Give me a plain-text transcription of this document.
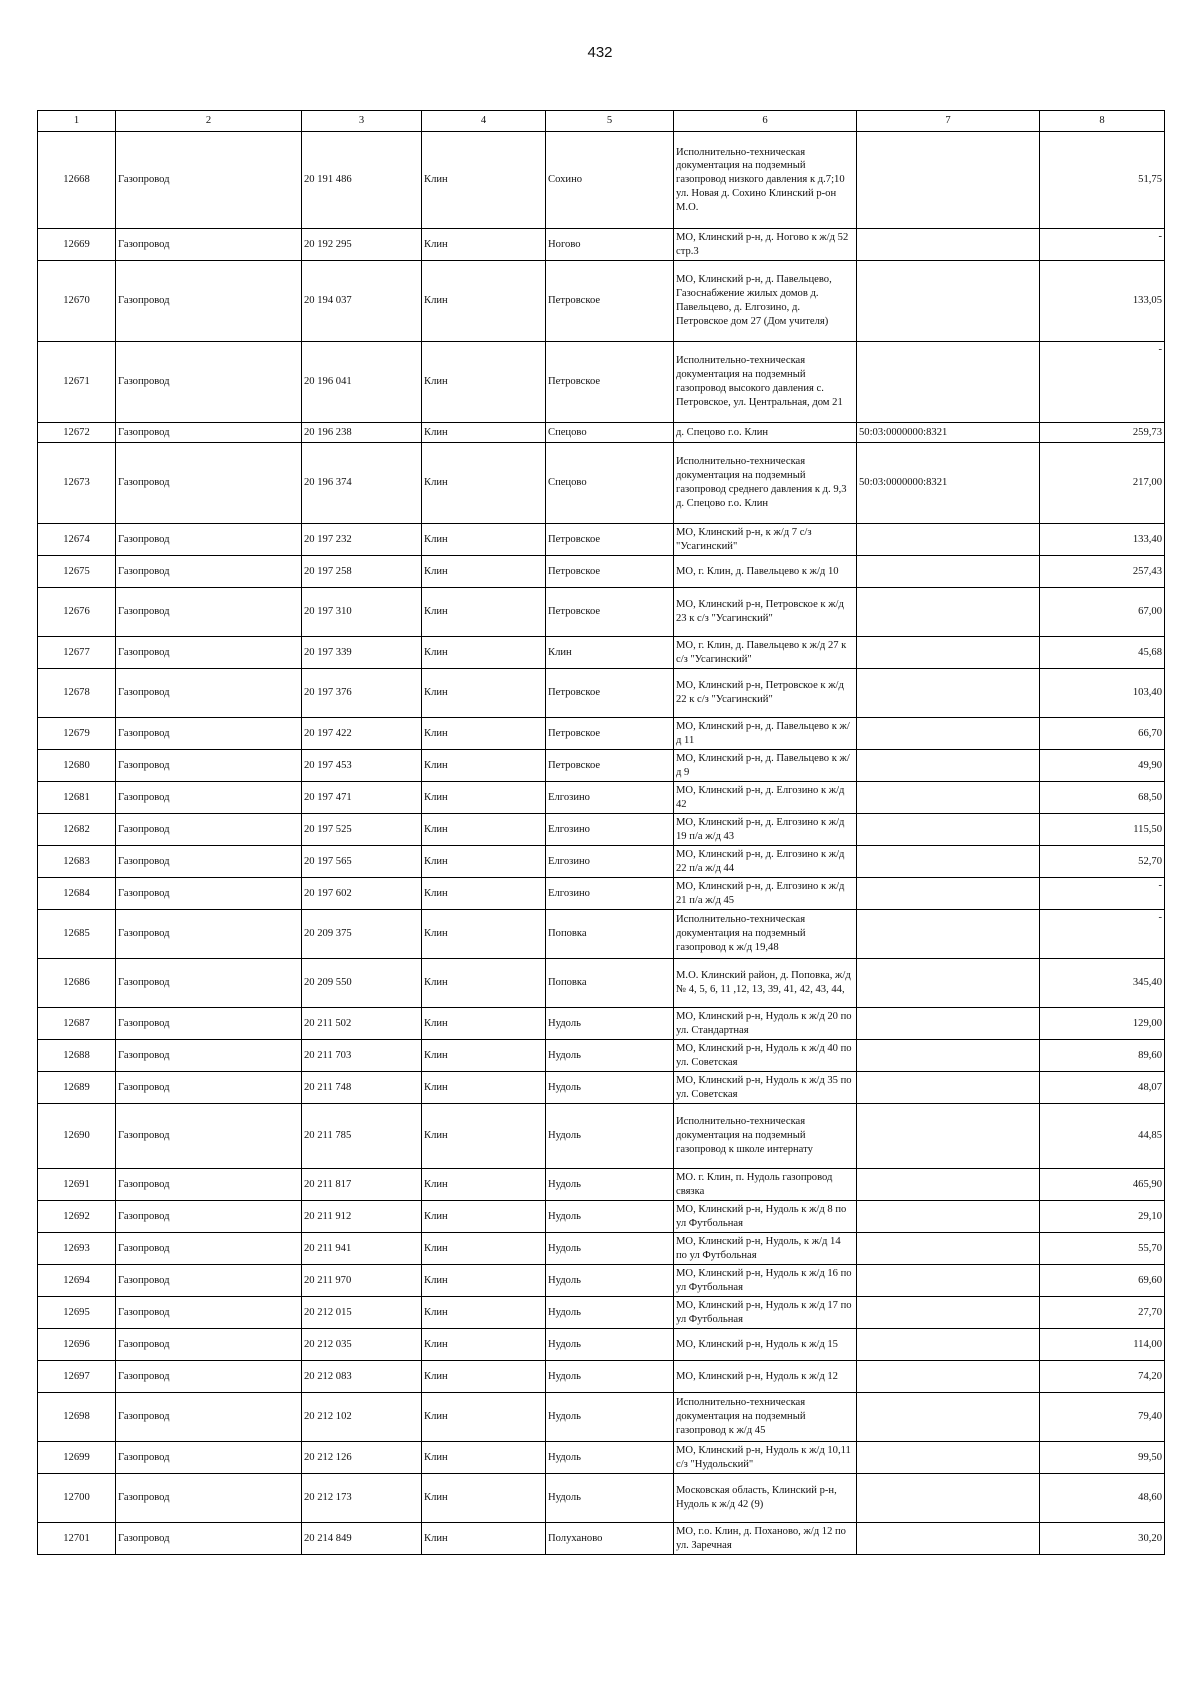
432
1	2	3	4	5	6	7	8
12668	Газопровод	20 191 486	Клин	Сохино	Исполнительно-техническая документация на подземный газопровод низкого давления к д.7;10 ул. Новая д. Сохино Клинский р-он М.О.		51,75
12669	Газопровод	20 192 295	Клин	Ногово	МО, Клинский р-н, д. Ногово к ж/д 52 стр.3		-
12670	Газопровод	20 194 037	Клин	Петровское	МО, Клинский р-н, д. Павельцево, Газоснабжение жилых домов д. Павельцево, д. Елгозино, д. Петровское дом 27 (Дом учителя)		133,05
12671	Газопровод	20 196 041	Клин	Петровское	Исполнительно-техническая документация на подземный газопровод высокого давления с. Петровское, ул. Центральная, дом 21		-
12672	Газопровод	20 196 238	Клин	Спецово	д. Спецово г.о. Клин	50:03:0000000:8321	259,73
12673	Газопровод	20 196 374	Клин	Спецово	Исполнительно-техническая документация на подземный газопровод среднего давления к д. 9,3 д. Спецово г.о. Клин	50:03:0000000:8321	217,00
12674	Газопровод	20 197 232	Клин	Петровское	МО, Клинский р-н, к ж/д 7 с/з "Усагинский"		133,40
12675	Газопровод	20 197 258	Клин	Петровское	МО, г. Клин, д. Павельцево к ж/д 10		257,43
12676	Газопровод	20 197 310	Клин	Петровское	МО, Клинский р-н, Петровское к ж/д 23 к с/з "Усагинский"		67,00
12677	Газопровод	20 197 339	Клин	Клин	МО, г. Клин, д. Павельцево к ж/д 27 к с/з "Усагинский"		45,68
12678	Газопровод	20 197 376	Клин	Петровское	МО, Клинский р-н, Петровское к ж/д 22 к с/з "Усагинский"		103,40
12679	Газопровод	20 197 422	Клин	Петровское	МО, Клинский р-н, д. Павельцево к ж/д 11		66,70
12680	Газопровод	20 197 453	Клин	Петровское	МО, Клинский р-н, д. Павельцево к ж/д 9		49,90
12681	Газопровод	20 197 471	Клин	Елгозино	МО, Клинский р-н, д. Елгозино к ж/д 42		68,50
12682	Газопровод	20 197 525	Клин	Елгозино	МО, Клинский р-н, д. Елгозино к ж/д 19 п/а ж/д 43		115,50
12683	Газопровод	20 197 565	Клин	Елгозино	МО, Клинский р-н, д. Елгозино к ж/д 22 п/а ж/д 44		52,70
12684	Газопровод	20 197 602	Клин	Елгозино	МО, Клинский р-н, д. Елгозино к ж/д 21 п/а ж/д 45		-
12685	Газопровод	20 209 375	Клин	Поповка	Исполнительно-техническая документация на подземный газопровод к ж/д 19,48		-
12686	Газопровод	20 209 550	Клин	Поповка	М.О. Клинский район, д. Поповка, ж/д № 4, 5, 6, 11 ,12, 13, 39, 41, 42, 43, 44,		345,40
12687	Газопровод	20 211 502	Клин	Нудоль	МО, Клинский р-н, Нудоль к ж/д 20 по ул. Стандартная		129,00
12688	Газопровод	20 211 703	Клин	Нудоль	МО, Клинский р-н, Нудоль к ж/д 40 по ул. Советская		89,60
12689	Газопровод	20 211 748	Клин	Нудоль	МО, Клинский р-н, Нудоль к ж/д 35 по ул. Советская		48,07
12690	Газопровод	20 211 785	Клин	Нудоль	Исполнительно-техническая документация на подземный газопровод к школе интернату		44,85
12691	Газопровод	20 211 817	Клин	Нудоль	МО. г. Клин, п. Нудоль газопровод связка		465,90
12692	Газопровод	20 211 912	Клин	Нудоль	МО, Клинский р-н, Нудоль к ж/д 8 по ул Футбольная		29,10
12693	Газопровод	20 211 941	Клин	Нудоль	МО, Клинский р-н, Нудоль, к ж/д 14 по ул Футбольная		55,70
12694	Газопровод	20 211 970	Клин	Нудоль	МО, Клинский р-н, Нудоль к ж/д 16 по ул Футбольная		69,60
12695	Газопровод	20 212 015	Клин	Нудоль	МО, Клинский р-н, Нудоль к ж/д 17 по ул Футбольная		27,70
12696	Газопровод	20 212 035	Клин	Нудоль	МО, Клинский р-н, Нудоль к ж/д 15		114,00
12697	Газопровод	20 212 083	Клин	Нудоль	МО, Клинский р-н, Нудоль к ж/д 12		74,20
12698	Газопровод	20 212 102	Клин	Нудоль	Исполнительно-техническая документация на подземный газопровод к ж/д 45		79,40
12699	Газопровод	20 212 126	Клин	Нудоль	МО, Клинский р-н, Нудоль к ж/д 10,11 с/з "Нудольский"		99,50
12700	Газопровод	20 212 173	Клин	Нудоль	Московская область, Клинский р-н, Нудоль к ж/д 42 (9)		48,60
12701	Газопровод	20 214 849	Клин	Полуханово	МО, г.о. Клин, д. Поханово, ж/д 12 по ул. Заречная		30,20
